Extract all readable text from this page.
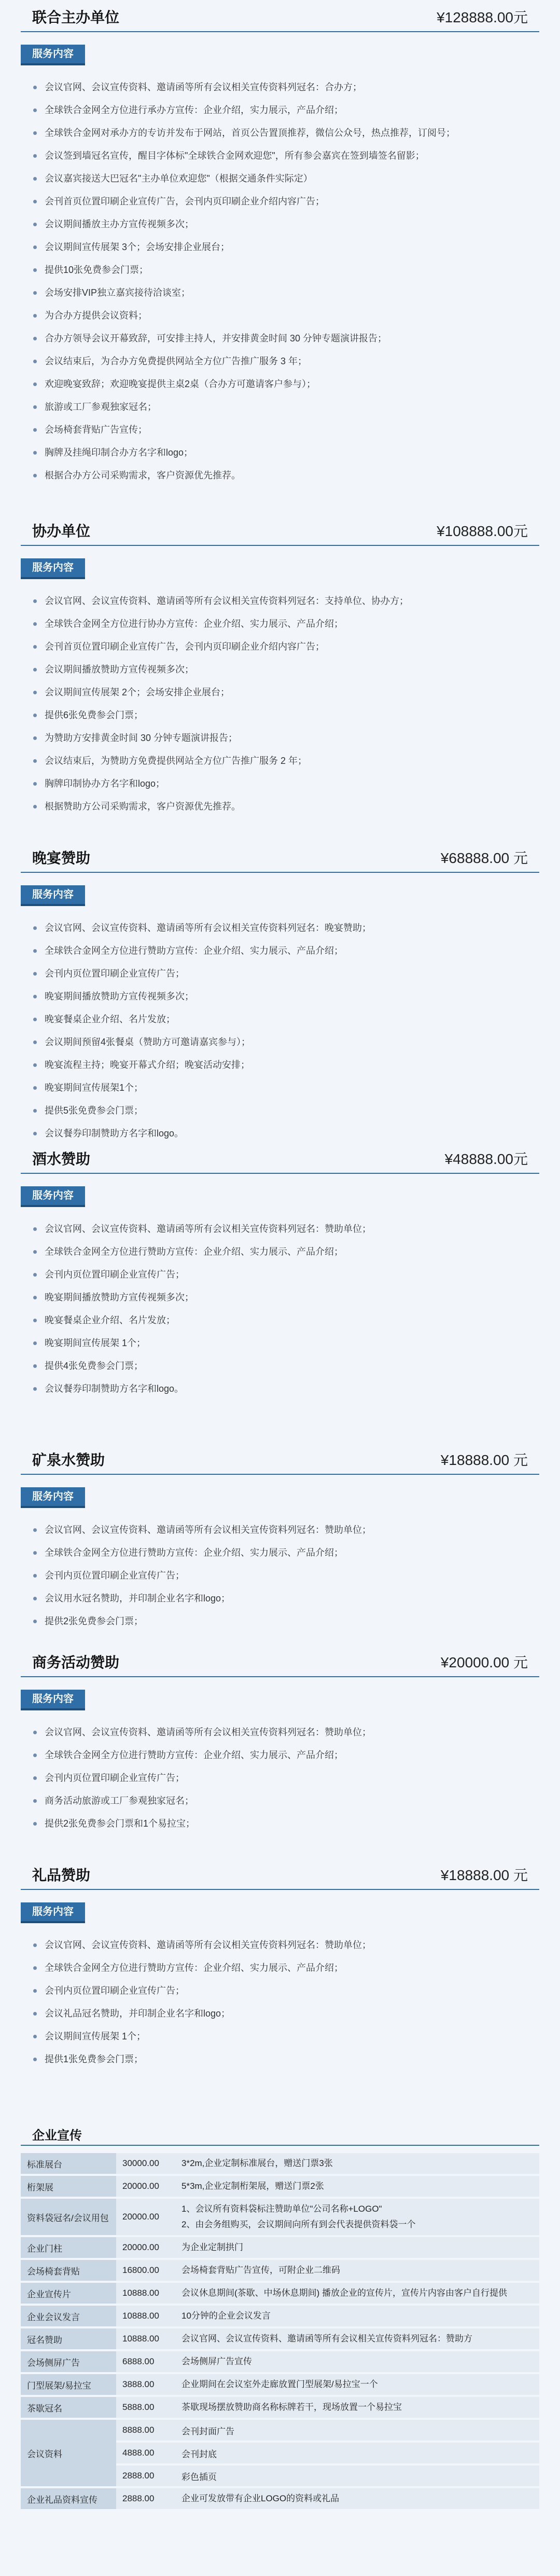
联合主办单位	¥128888.00元
服务内容
会议官网、会议宣传资料、邀请函等所有会议相关宣传资料列冠名：合办方；
全球铁合金网全方位进行承办方宣传：企业介绍，实力展示，产品介绍；
全球铁合金网对承办方的专访并发布于网站，首页公告置顶推荐，微信公众号，热点推荐，订阅号；
会议签到墙冠名宣传，醒目字体标"全球铁合金网欢迎您"，所有参会嘉宾在签到墙签名留影；
会议嘉宾接送大巴冠名"主办单位欢迎您"（根据交通条件实际定）
会刊首页位置印刷企业宣传广告，会刊内页印刷企业介绍内容广告；
会议期间播放主办方宣传视频多次；
会议期间宣传展架 3个；会场安排企业展台；
提供10张免费参会门票；
会场安排VIP独立嘉宾接待洽谈室；
为合办方提供会议资料；
合办方领导会议开幕致辞，可安排主持人，并安排黄金时间 30 分钟专题演讲报告；
会议结束后，为合办方免费提供网站全方位广告推广服务 3 年；
欢迎晚宴致辞；欢迎晚宴提供主桌2桌（合办方可邀请客户参与）；
旅游或工厂参观独家冠名；
会场椅套背贴广告宣传；
胸牌及挂绳印制合办方名字和logo；
根据合办方公司采购需求，客户资源优先推荐。
协办单位	¥108888.00元
服务内容
会议官网、会议宣传资料、邀请函等所有会议相关宣传资料列冠名：支持单位、协办方；
全球铁合金网全方位进行协办方宣传：企业介绍、实力展示、产品介绍；
会刊首页位置印刷企业宣传广告，会刊内页印刷企业介绍内容广告；
会议期间播放赞助方宣传视频多次；
会议期间宣传展架 2个；会场安排企业展台；
提供6张免费参会门票；
为赞助方安排黄金时间 30 分钟专题演讲报告；
会议结束后，为赞助方免费提供网站全方位广告推广服务 2 年；
胸牌印制协办方名字和logo；
根据赞助方公司采购需求，客户资源优先推荐。
晚宴赞助	¥68888.00 元
服务内容
会议官网、会议宣传资料、邀请函等所有会议相关宣传资料列冠名：晚宴赞助；
全球铁合金网全方位进行赞助方宣传：企业介绍、实力展示、产品介绍；
会刊内页位置印刷企业宣传广告；
晚宴期间播放赞助方宣传视频多次；
晚宴餐桌企业介绍、名片发放；
会议期间预留4张餐桌（赞助方可邀请嘉宾参与）；
晚宴流程主持；晚宴开幕式介绍；晚宴活动安排；
晚宴期间宣传展架1个；
提供5张免费参会门票；
会议餐券印制赞助方名字和logo。
酒水赞助	¥48888.00元
服务内容
会议官网、会议宣传资料、邀请函等所有会议相关宣传资料列冠名：赞助单位；
全球铁合金网全方位进行赞助方宣传：企业介绍、实力展示、产品介绍；
会刊内页位置印刷企业宣传广告；
晚宴期间播放赞助方宣传视频多次；
晚宴餐桌企业介绍、名片发放；
晚宴期间宣传展架 1个；
提供4张免费参会门票；
会议餐券印制赞助方名字和logo。
矿泉水赞助	¥18888.00 元
服务内容
会议官网、会议宣传资料、邀请函等所有会议相关宣传资料列冠名：赞助单位；
全球铁合金网全方位进行赞助方宣传：企业介绍、实力展示、产品介绍；
会刊内页位置印刷企业宣传广告；
会议用水冠名赞助，并印制企业名字和logo；
提供2张免费参会门票；
商务活动赞助	¥20000.00 元
服务内容
会议官网、会议宣传资料、邀请函等所有会议相关宣传资料列冠名：赞助单位；
全球铁合金网全方位进行赞助方宣传：企业介绍、实力展示、产品介绍；
会刊内页位置印刷企业宣传广告；
商务活动旅游或工厂参观独家冠名；
提供2张免费参会门票和1个易拉宝；
礼品赞助	¥18888.00 元
服务内容
会议官网、会议宣传资料、邀请函等所有会议相关宣传资料列冠名：赞助单位；
全球铁合金网全方位进行赞助方宣传：企业介绍、实力展示、产品介绍；
会刊内页位置印刷企业宣传广告；
会议礼品冠名赞助，并印制企业名字和logo；
会议期间宣传展架 1个；
提供1张免费参会门票；
企业宣传
标准展台	30000.00	3*2m,企业定制标准展台，赠送门票3张

桁架展	20000.00	5*3m,企业定制桁架展，赠送门票2张

资料袋冠名/会议用包	20000.00	1、会议所有资料袋标注赞助单位"公司名称+LOGO"
2、由会务组购买，会议期间向所有到会代表提供资料袋一个

企业门柱	20000.00	为企业定制拱门

会场椅套背贴	16800.00	会场椅套背贴广告宣传，可附企业二维码

企业宣传片	10888.00	会议休息期间(茶歇、中场休息期间) 播放企业的宣传片，宣传片内容由客户自行提供

企业会议发言	10888.00	10分钟的企业会议发言

冠名赞助	10888.00	会议官网、会议宣传资料、邀请函等所有会议相关宣传资料列冠名：赞助方

会场侧屏广告	6888.00	会场侧屏广告宣传

门型展架/易拉宝	3888.00	企业期间在会议室外走廊放置门型展架/易拉宝一个

茶歇冠名	5888.00	茶歇现场摆放赞助商名称标牌若干，现场放置一个易拉宝

会议资料	8888.00	会刊封面广告
	4888.00	会刊封底
	2888.00	彩色插页
企业礼品资料宣传	2888.00	企业可发放带有企业LOGO的资料或礼品
